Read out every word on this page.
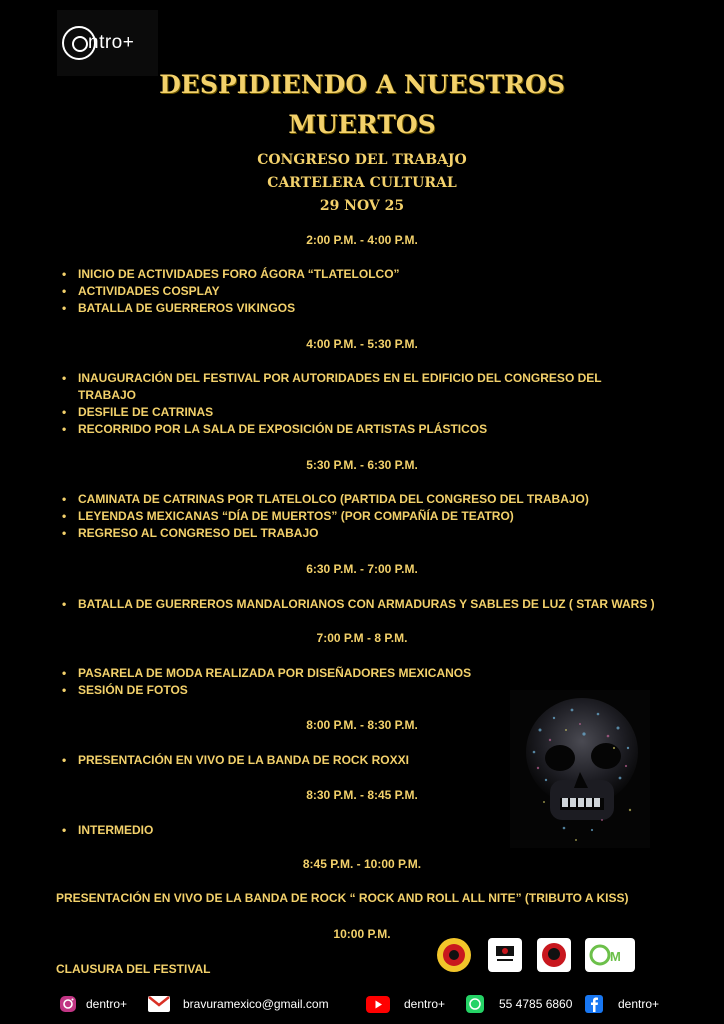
ntro+
DESPIDIENDO A NUESTROS
MUERTOS
CONGRESO DEL TRABAJO
CARTELERA CULTURAL
29 NOV 25
2:00 P.M. - 4:00 P.M.
• INICIO DE ACTIVIDADES FORO ÁGORA “TLATELOLCO”
• ACTIVIDADES COSPLAY
• BATALLA DE GUERREROS VIKINGOS
4:00 P.M. - 5:30 P.M.
• INAUGURACIÓN DEL FESTIVAL POR AUTORIDADES EN EL EDIFICIO DEL CONGRESO DEL TRABAJO
• DESFILE DE CATRINAS
• RECORRIDO POR LA SALA DE EXPOSICIÓN DE ARTISTAS PLÁSTICOS
5:30 P.M. - 6:30 P.M.
• CAMINATA DE CATRINAS POR TLATELOLCO (PARTIDA DEL CONGRESO DEL TRABAJO)
• LEYENDAS MEXICANAS “DÍA DE MUERTOS” (POR COMPAÑÍA DE TEATRO)
• REGRESO AL CONGRESO DEL TRABAJO
6:30 P.M. - 7:00 P.M.
• BATALLA DE GUERREROS MANDALORIANOS CON ARMADURAS Y SABLES DE LUZ ( STAR WARS )
7:00 P.M - 8 P.M.
• PASARELA DE MODA REALIZADA POR DISEÑADORES MEXICANOS
• SESIÓN DE FOTOS
8:00 P.M. - 8:30 P.M.
• PRESENTACIÓN EN VIVO DE LA BANDA DE ROCK ROXXI
8:30 P.M. - 8:45 P.M.
• INTERMEDIO
8:45 P.M. - 10:00 P.M.
PRESENTACIÓN EN VIVO DE LA BANDA DE ROCK “ ROCK AND ROLL ALL NITE” (TRIBUTO A KISS)
10:00 P.M.
CLAUSURA DEL FESTIVAL
M
dentro+	bravuramexico@gmail.com	dentro+	55 4785 6860	dentro+
